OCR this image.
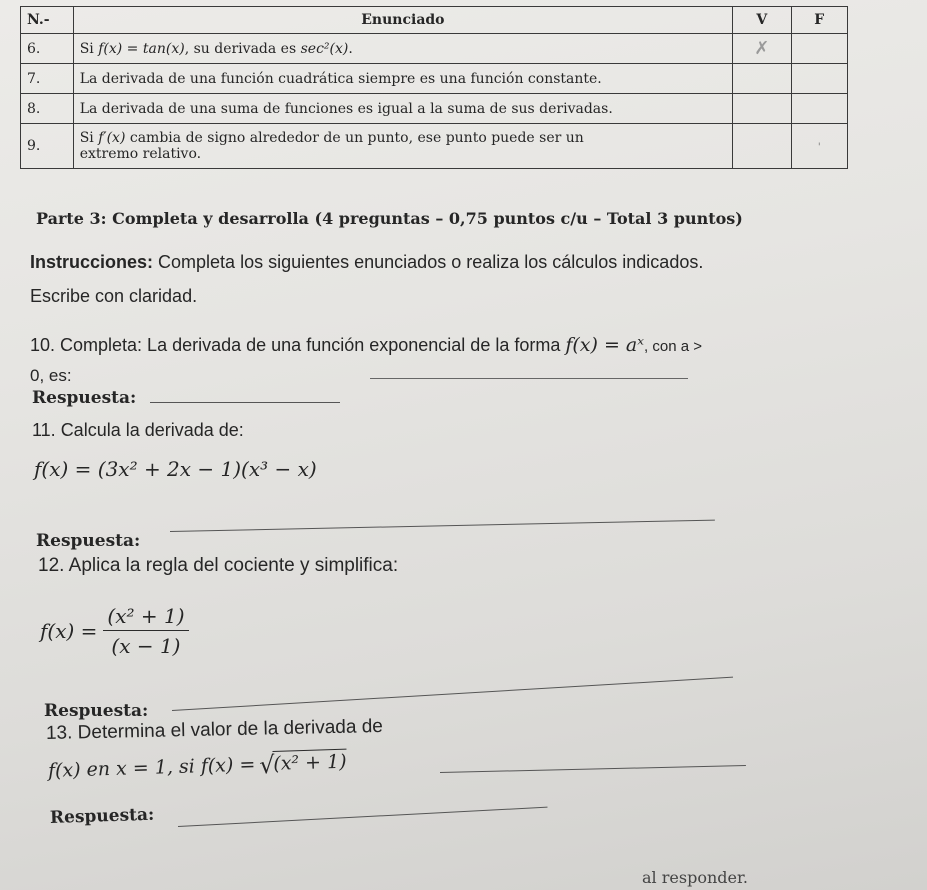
N.-	Enunciado	V	F
6.	Si f(x) = tan(x), su derivada es sec²(x).	✗	
7.	La derivada de una función cuadrática siempre es una función constante.		
8.	La derivada de una suma de funciones es igual a la suma de sus derivadas.		
9.	Si f′(x) cambia de signo alrededor de un punto, ese punto puede ser un
extremo relativo.		'
Parte 3: Completa y desarrolla (4 preguntas – 0,75 puntos c/u – Total 3 puntos)
Instrucciones: Completa los siguientes enunciados o realiza los cálculos indicados.
Escribe con claridad.
10. Completa: La derivada de una función exponencial de la forma f(x) = aˣ, con a >
0, es:
Respuesta:
11. Calcula la derivada de:
f(x) = (3x² + 2x − 1)(x³ − x)
Respuesta:
12. Aplica la regla del cociente y simplifica:
$f(x) = \frac{\text{(x² + 1)}}{(x - 1)}$
Respuesta:
13. Determina el valor de la derivada de
f(x) en x = 1, si f(x) = √ (x² + 1)
Respuesta:
al responder.
